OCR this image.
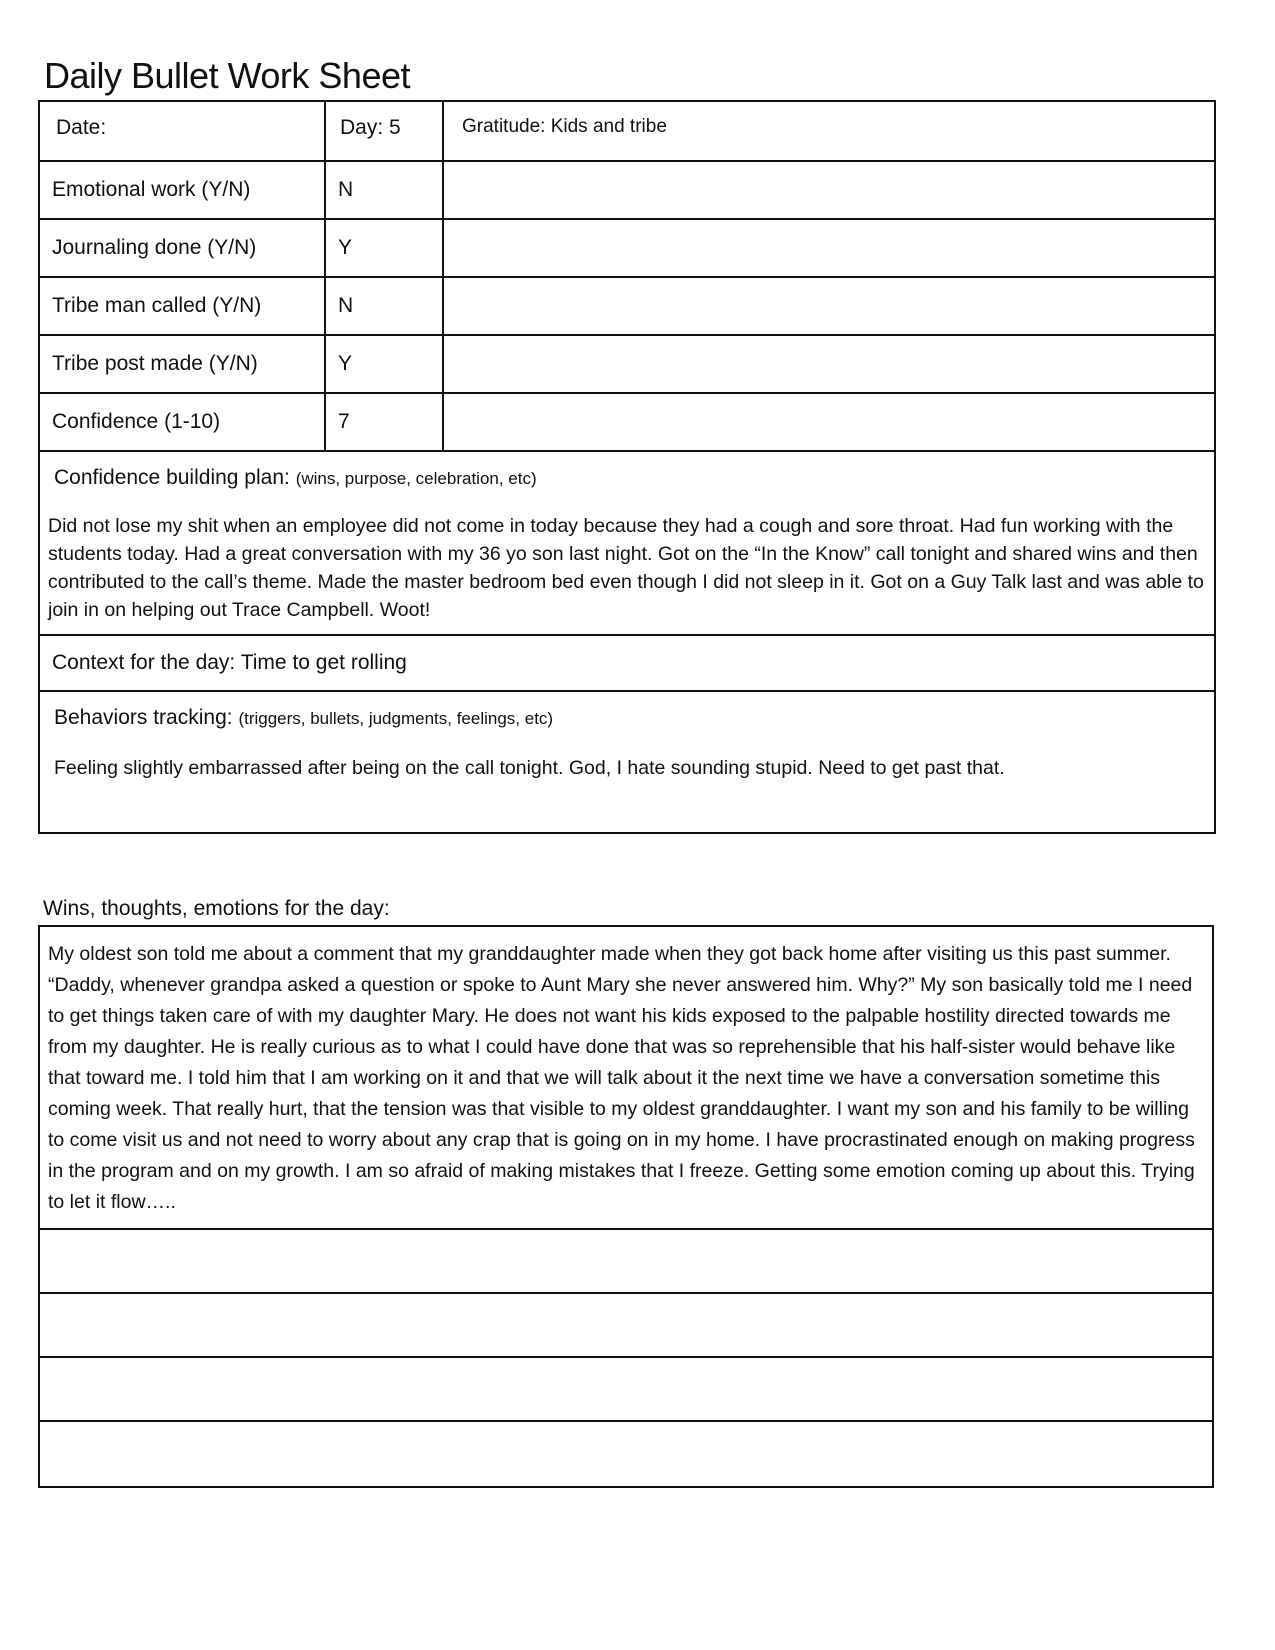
Daily Bullet Work Sheet
Date:	Day: 5	Gratitude: Kids and tribe
Emotional work (Y/N)	N
Journaling done (Y/N)	Y
Tribe man called (Y/N)	N
Tribe post made (Y/N)	Y
Confidence (1-10)	7
Confidence building plan: (wins, purpose, celebration, etc)
Did not lose my shit when an employee did not come in today because they had a cough and sore throat. Had fun working with the students today. Had a great conversation with my 36 yo son last night. Got on the “In the Know” call tonight and shared wins and then contributed to the call’s theme. Made the master bedroom bed even though I did not sleep in it. Got on a Guy Talk last and was able to join in on helping out Trace Campbell. Woot!
Context for the day: Time to get rolling
Behaviors tracking: (triggers, bullets, judgments, feelings, etc)
Feeling slightly embarrassed after being on the call tonight. God, I hate sounding stupid. Need to get past that.
Wins, thoughts, emotions for the day:
My oldest son told me about a comment that my granddaughter made when they got back home after visiting us this past summer. “Daddy, whenever grandpa asked a question or spoke to Aunt Mary she never answered him. Why?” My son basically told me I need to get things taken care of with my daughter Mary. He does not want his kids exposed to the palpable hostility directed towards me from my daughter. He is really curious as to what I could have done that was so reprehensible that his half-sister would behave like that toward me. I told him that I am working on it and that we will talk about it the next time we have a conversation sometime this coming week. That really hurt, that the tension was that visible to my oldest granddaughter. I want my son and his family to be willing to come visit us and not need to worry about any crap that is going on in my home. I have procrastinated enough on making progress in the program and on my growth. I am so afraid of making mistakes that I freeze. Getting some emotion coming up about this. Trying to let it flow…..
